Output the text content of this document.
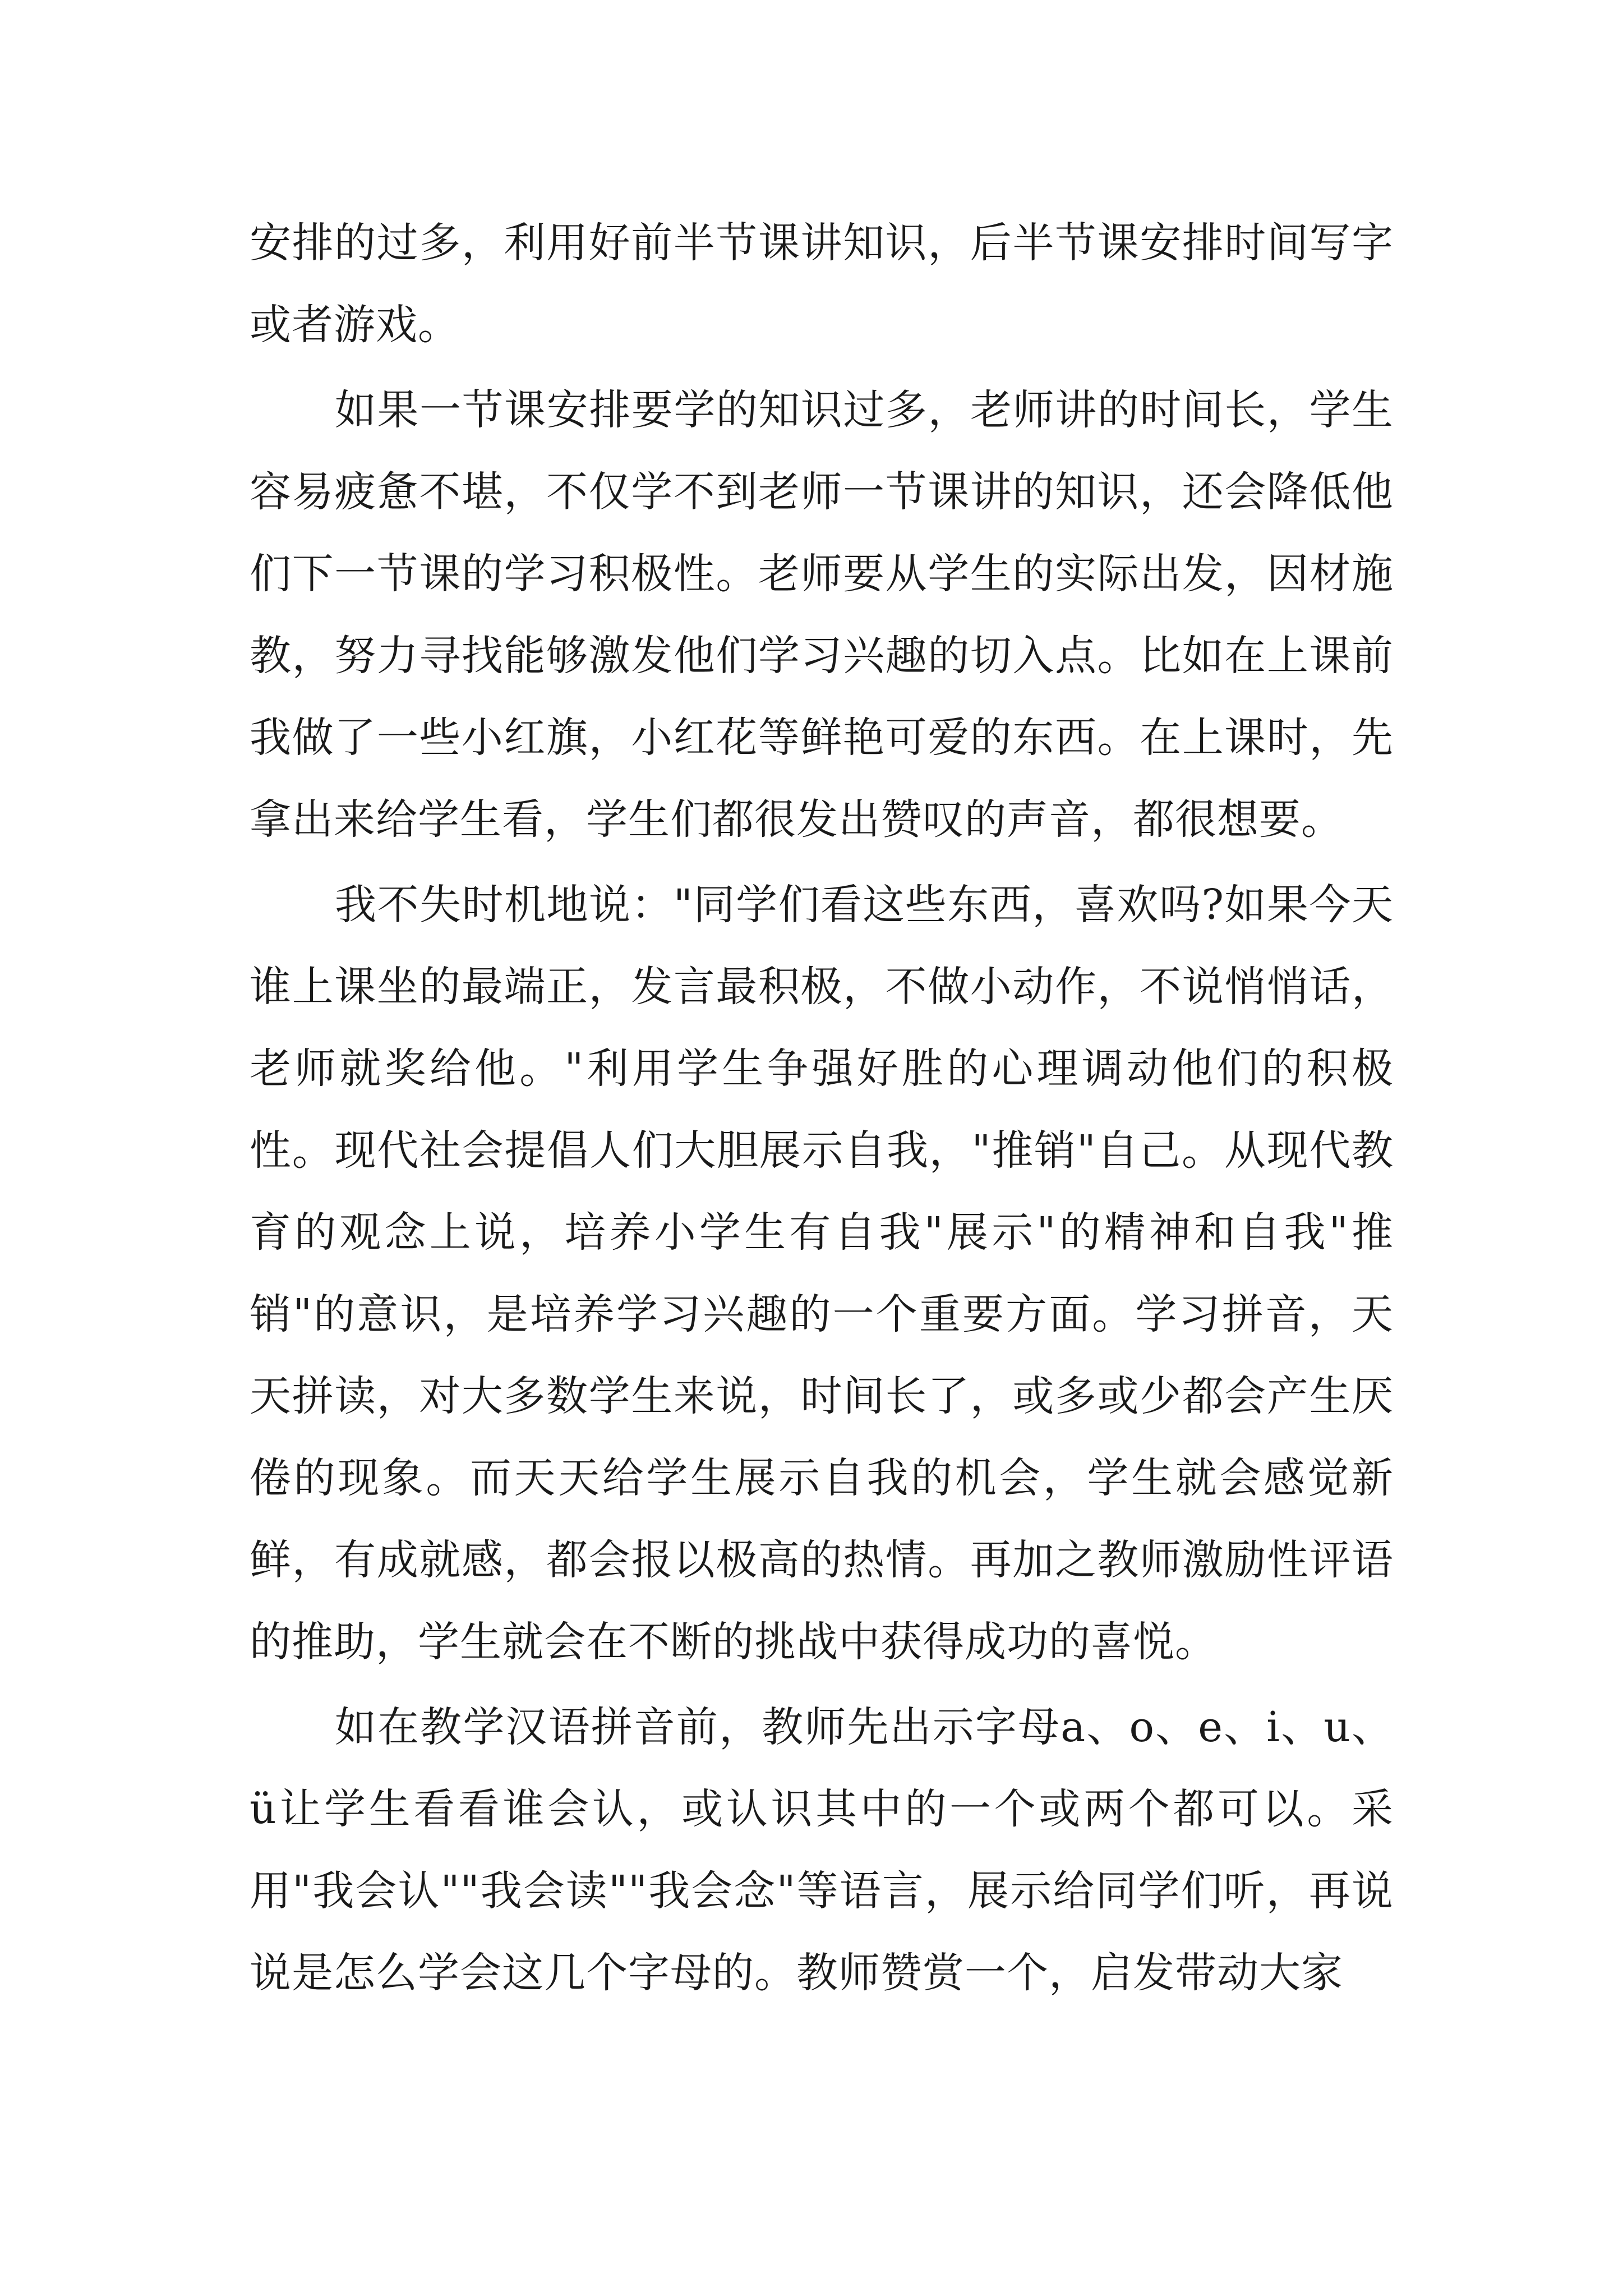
安排的过多，利用好前半节课讲知识，后半节课安排时间写字或者游戏。

如果一节课安排要学的知识过多，老师讲的时间长，学生容易疲惫不堪，不仅学不到老师一节课讲的知识，还会降低他们下一节课的学习积极性。老师要从学生的实际出发，因材施教，努力寻找能够激发他们学习兴趣的切入点。比如在上课前我做了一些小红旗，小红花等鲜艳可爱的东西。在上课时，先拿出来给学生看，学生们都很发出赞叹的声音，都很想要。

我不失时机地说："同学们看这些东西，喜欢吗?如果今天谁上课坐的最端正，发言最积极，不做小动作，不说悄悄话，老师就奖给他。"利用学生争强好胜的心理调动他们的积极性。现代社会提倡人们大胆展示自我，"推销"自己。从现代教育的观念上说，培养小学生有自我"展示"的精神和自我"推销"的意识，是培养学习兴趣的一个重要方面。学习拼音，天天拼读，对大多数学生来说，时间长了，或多或少都会产生厌倦的现象。而天天给学生展示自我的机会，学生就会感觉新鲜，有成就感，都会报以极高的热情。再加之教师激励性评语的推助，学生就会在不断的挑战中获得成功的喜悦。

如在教学汉语拼音前，教师先出示字母a、o、e、i、u、ü让学生看看谁会认，或认识其中的一个或两个都可以。采用"我会认""我会读""我会念"等语言，展示给同学们听，再说说是怎么学会这几个字母的。教师赞赏一个，启发带动大家
